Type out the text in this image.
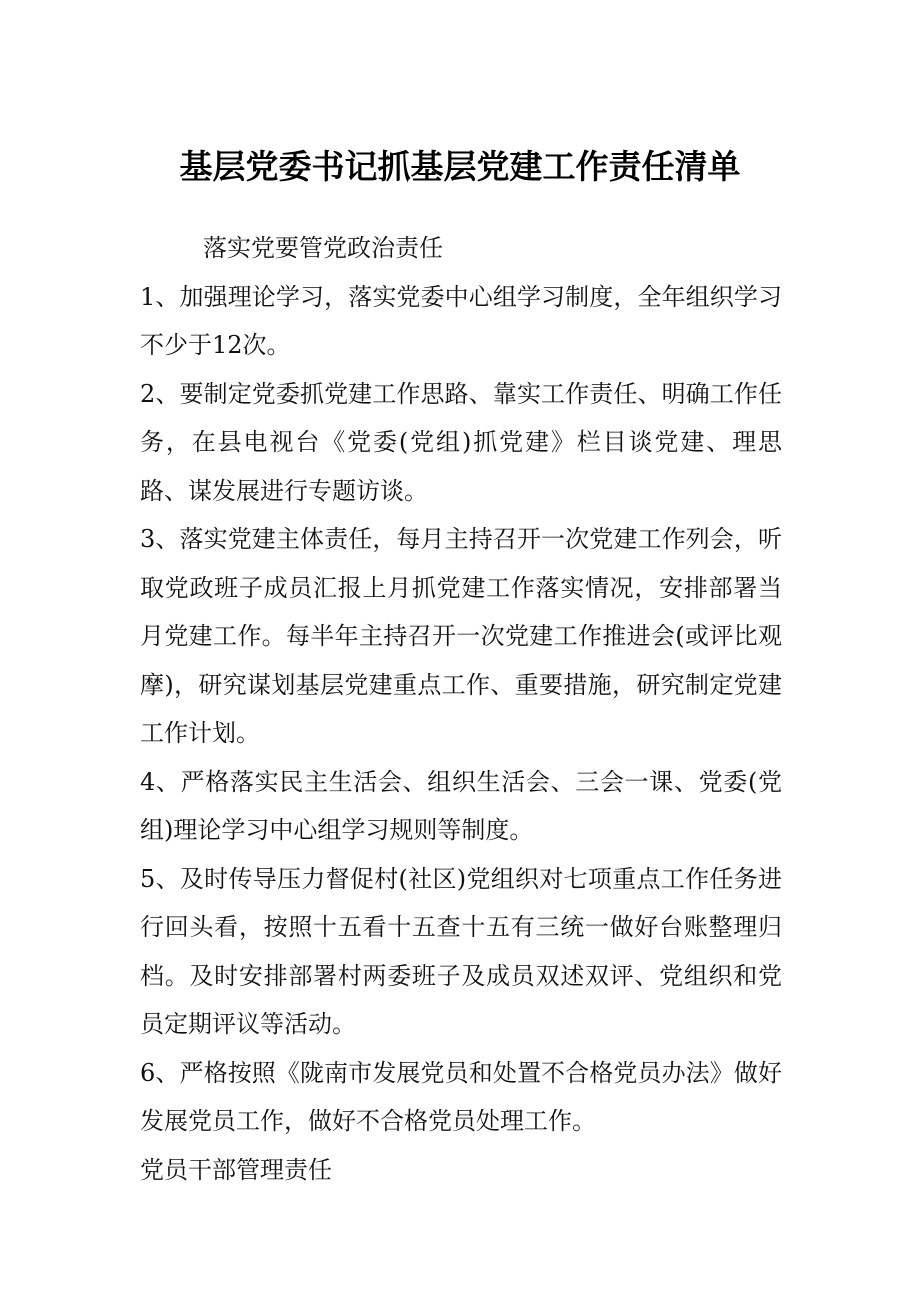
基层党委书记抓基层党建工作责任清单

落实党要管党政治责任

1、加强理论学习，落实党委中心组学习制度，全年组织学习不少于12次。

2、要制定党委抓党建工作思路、靠实工作责任、明确工作任务，在县电视台《党委(党组)抓党建》栏目谈党建、理思路、谋发展进行专题访谈。

3、落实党建主体责任，每月主持召开一次党建工作列会，听取党政班子成员汇报上月抓党建工作落实情况，安排部署当月党建工作。每半年主持召开一次党建工作推进会(或评比观摩)，研究谋划基层党建重点工作、重要措施，研究制定党建工作计划。

4、严格落实民主生活会、组织生活会、三会一课、党委(党组)理论学习中心组学习规则等制度。

5、及时传导压力督促村(社区)党组织对七项重点工作任务进行回头看，按照十五看十五查十五有三统一做好台账整理归档。及时安排部署村两委班子及成员双述双评、党组织和党员定期评议等活动。

6、严格按照《陇南市发展党员和处置不合格党员办法》做好发展党员工作，做好不合格党员处理工作。

党员干部管理责任
